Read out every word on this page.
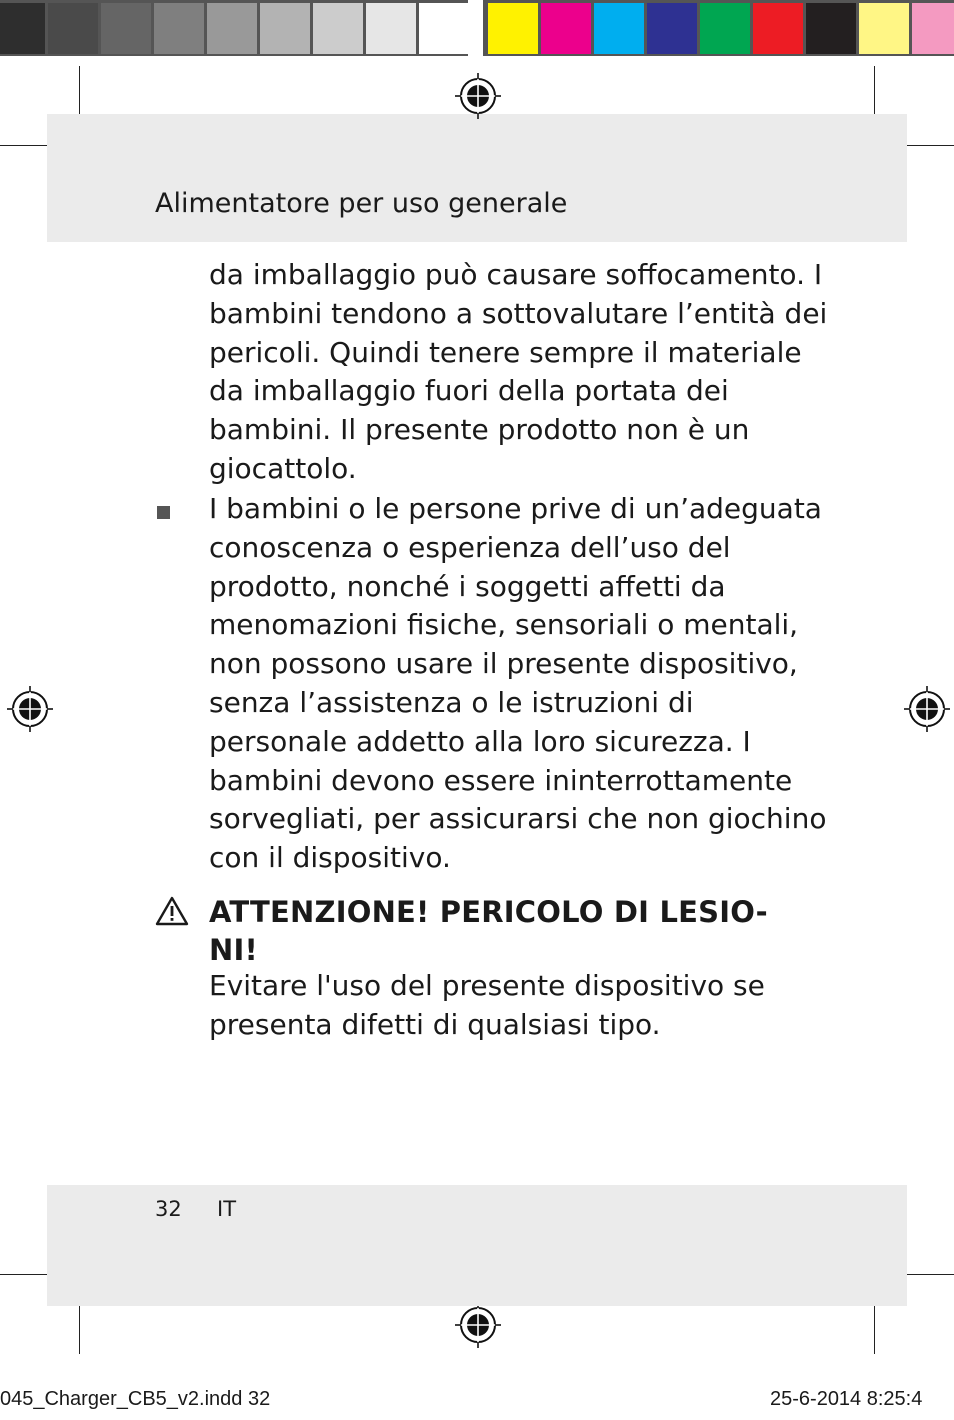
Alimentatore per uso generale
da imballaggio può causare soffocamento. I
bambini tendono a sottovalutare l’entità dei
pericoli. Quindi tenere sempre il materiale
da imballaggio fuori della portata dei
bambini. Il presente prodotto non è un
giocattolo.
I bambini o le persone prive di un’adeguata
conoscenza o esperienza dell’uso del
prodotto, nonché i soggetti affetti da
menomazioni fisiche, sensoriali o mentali,
non possono usare il presente dispositivo,
senza l’assistenza o le istruzioni di
personale addetto alla loro sicurezza. I
bambini devono essere ininterrottamente
sorvegliati, per assicurarsi che non giochino
con il dispositivo.
ATTENZIONE! PERICOLO DI LESIO-
NI!
Evitare l'uso del presente dispositivo se
presenta difetti di qualsiasi tipo.
32 IT
045_Charger_CB5_v2.indd 32	25-6-2014 8:25:4
